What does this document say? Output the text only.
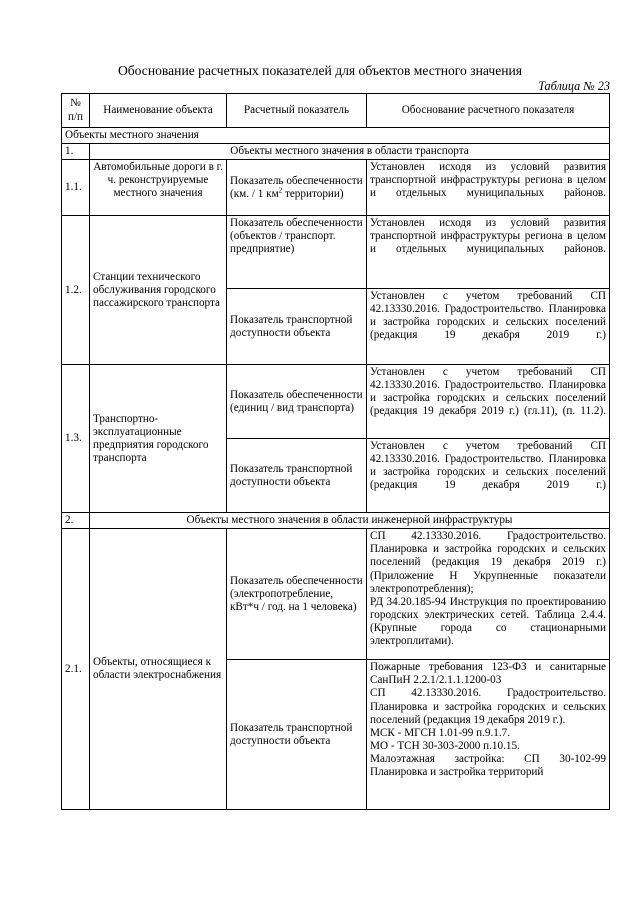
Обоснование расчетных показателей для объектов местного значения
Таблица № 23
№ п/п	Наименование объекта	Расчетный показатель	Обоснование расчетного показателя
Объекты местного значения			
1.	Объекты местного значения в области транспорта		
1.1.	Автомобильные дороги в г. ч. реконструируемые местного значения	Показатель обеспеченности (км. / 1 $км^2$ территории)	Установлен исходя из условий развития транспортной инфраструктуры региона в целом и отдельных муниципальных районов.
1.2.	Станции технического обслуживания городского пассажирского транспорта	Показатель обеспеченности (объектов / транспорт. предприятие)	Установлен исходя из условий развития транспортной инфраструктуры региона в целом и отдельных муниципальных районов.
		Показатель транспортной доступности объекта	Установлен с учетом требований СП 42.13330.2016. Градостроительство. Планировка и застройка городских и сельских поселений (редакция 19 декабря 2019 г.)
1.3.	Транспортно-эксплуатационные предприятия городского транспорта	Показатель обеспеченности (единиц / вид транспорта)	Установлен с учетом требований СП 42.13330.2016. Градостроительство. Планировка и застройка городских и сельских поселений (редакция 19 декабря 2019 г.) (гл.11), (п. 11.2).
		Показатель транспортной доступности объекта	Установлен с учетом требований СП 42.13330.2016. Градостроительство. Планировка и застройка городских и сельских поселений (редакция 19 декабря 2019 г.)
2.	Объекты местного значения в области инженерной инфраструктуры		
2.1.	Объекты, относящиеся к области электроснабжения	Показатель обеспеченности (электропотребление, кВт*ч / год. на 1 человека)	СП 42.13330.2016. Градостроительство. Планировка и застройка городских и сельских поселений (редакция 19 декабря 2019 г.) (Приложение Н Укрупненные показатели электропотребления);
РД 34.20.185-94 Инструкция по проектированию городских электрических сетей. Таблица 2.4.4. (Крупные города со стационарными электроплитами).

		Показатель транспортной доступности объекта	Пожарные требования 123-ФЗ и санитарные СанПиН 2.2.1/2.1.1.1200-03
СП 42.13330.2016. Градостроительство. Планировка и застройка городских и сельских поселений (редакция 19 декабря 2019 г.).
МСК - МГСН 1.01-99 п.9.1.7.
МО - ТСН 30-303-2000 п.10.15.
Малоэтажная застройка: СП 30-102-99 Планировка и застройка территорий
